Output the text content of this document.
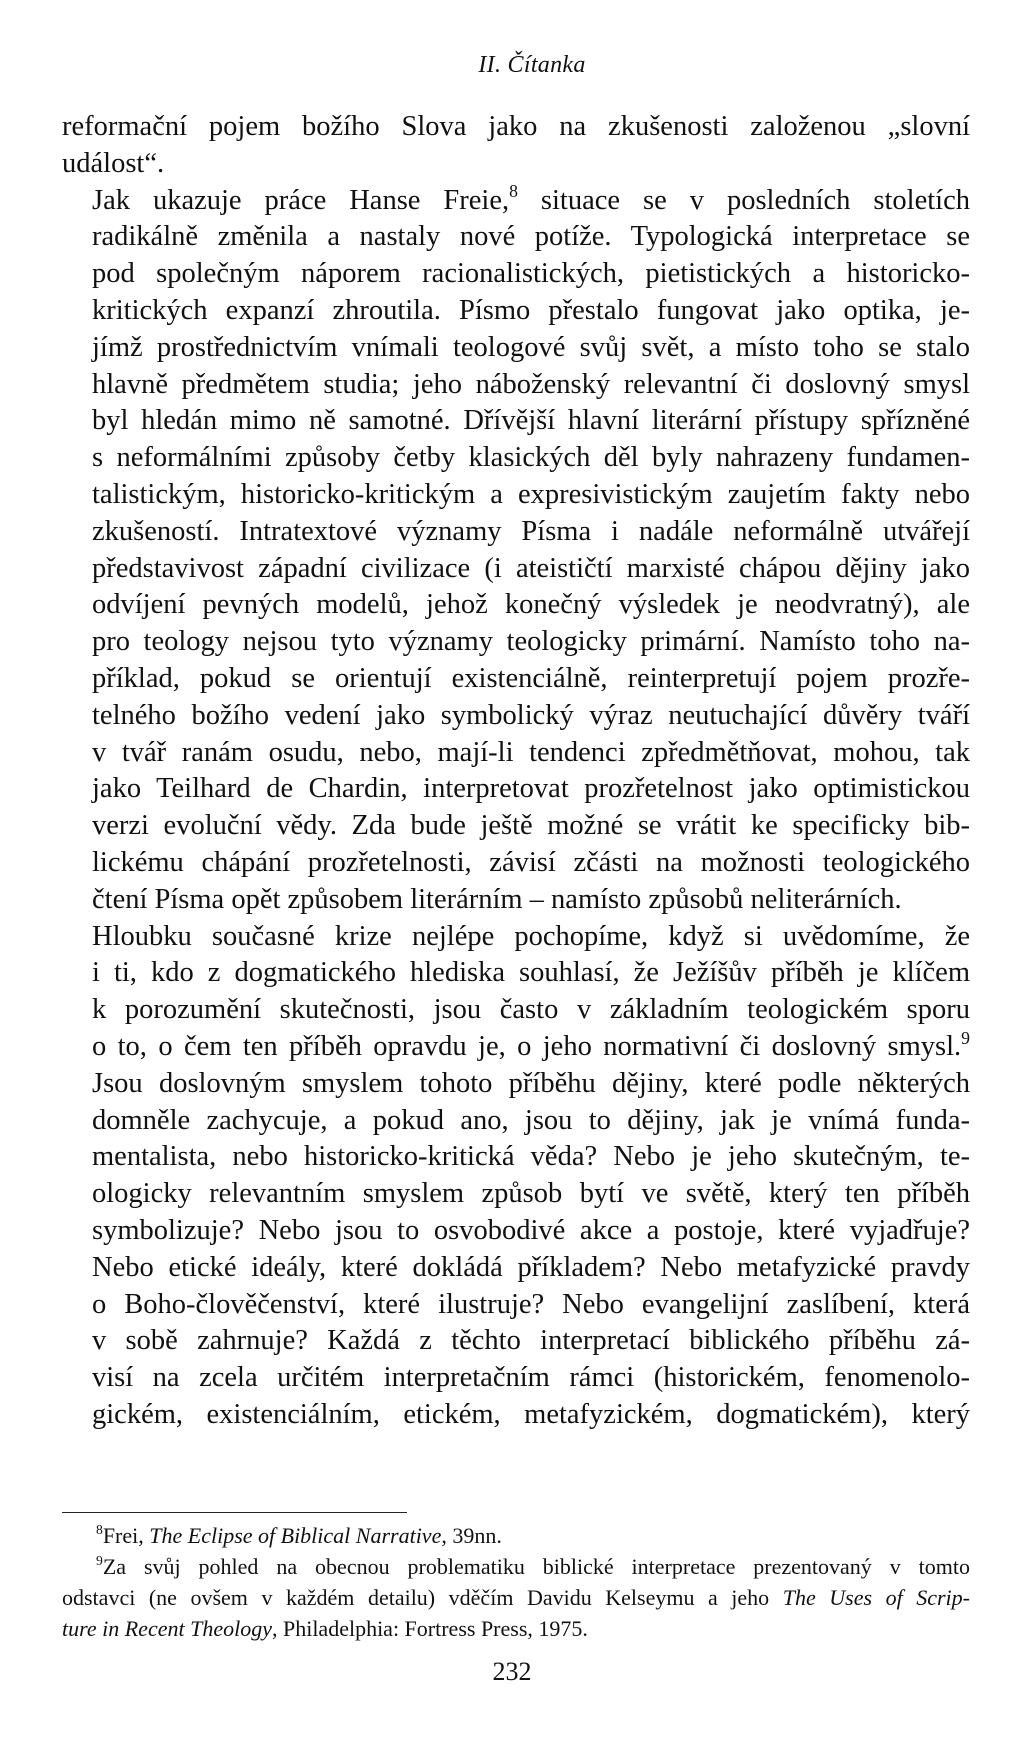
II. Čítanka

reformační pojem božího Slova jako na zkušenosti založenou „slovní
událost“.

Jak ukazuje práce Hanse Freie,$^8$ situace se v posledních stoletích
radikálně změnila a nastaly nové potíže. Typologická interpretace se
pod společným náporem racionalistických, pietistických a historicko-
kritických expanzí zhroutila. Písmo přestalo fungovat jako optika, je-
jímž prostřednictvím vnímali teologové svůj svět, a místo toho se stalo
hlavně předmětem studia; jeho náboženský relevantní či doslovný smysl
byl hledán mimo ně samotné. Dřívější hlavní literární přístupy spřízněné
s neformálními způsoby četby klasických děl byly nahrazeny fundamen-
talistickým, historicko-kritickým a expresivistickým zaujetím fakty nebo
zkušeností. Intratextové významy Písma i nadále neformálně utvářejí
představivost západní civilizace (i ateističtí marxisté chápou dějiny jako
odvíjení pevných modelů, jehož konečný výsledek je neodvratný), ale
pro teology nejsou tyto významy teologicky primární. Namísto toho na-
příklad, pokud se orientují existenciálně, reinterpretují pojem prozře-
telného božího vedení jako symbolický výraz neutuchající důvěry tváří
v tvář ranám osudu, nebo, mají-li tendenci zpředmětňovat, mohou, tak
jako Teilhard de Chardin, interpretovat prozřetelnost jako optimistickou
verzi evoluční vědy. Zda bude ještě možné se vrátit ke specificky bib-
lickému chápání prozřetelnosti, závisí zčásti na možnosti teologického
čtení Písma opět způsobem literárním – namísto způsobů neliterárních.

Hloubku současné krize nejlépe pochopíme, když si uvědomíme, že
i ti, kdo z dogmatického hlediska souhlasí, že Ježíšův příběh je klíčem
k porozumění skutečnosti, jsou často v základním teologickém sporu
o to, o čem ten příběh opravdu je, o jeho normativní či doslovný smysl.$^9$
Jsou doslovným smyslem tohoto příběhu dějiny, které podle některých
domněle zachycuje, a pokud ano, jsou to dějiny, jak je vnímá funda-
mentalista, nebo historicko-kritická věda? Nebo je jeho skutečným, te-
ologicky relevantním smyslem způsob bytí ve světě, který ten příběh
symbolizuje? Nebo jsou to osvobodivé akce a postoje, které vyjadřuje?
Nebo etické ideály, které dokládá příkladem? Nebo metafyzické pravdy
o Boho-člověčenství, které ilustruje? Nebo evangelijní zaslíbení, která
v sobě zahrnuje? Každá z těchto interpretací biblického příběhu zá-
visí na zcela určitém interpretačním rámci (historickém, fenomenolo-
gickém, existenciálním, etickém, metafyzickém, dogmatickém), který

$^8$Frei, The Eclipse of Biblical Narrative, 39nn.

$^9$Za svůj pohled na obecnou problematiku biblické interpretace prezentovaný v tomto
odstavci (ne ovšem v každém detailu) vděčím Davidu Kelseymu a jeho The Uses of Scrip-
ture in Recent Theology, Philadelphia: Fortress Press, 1975.

232
